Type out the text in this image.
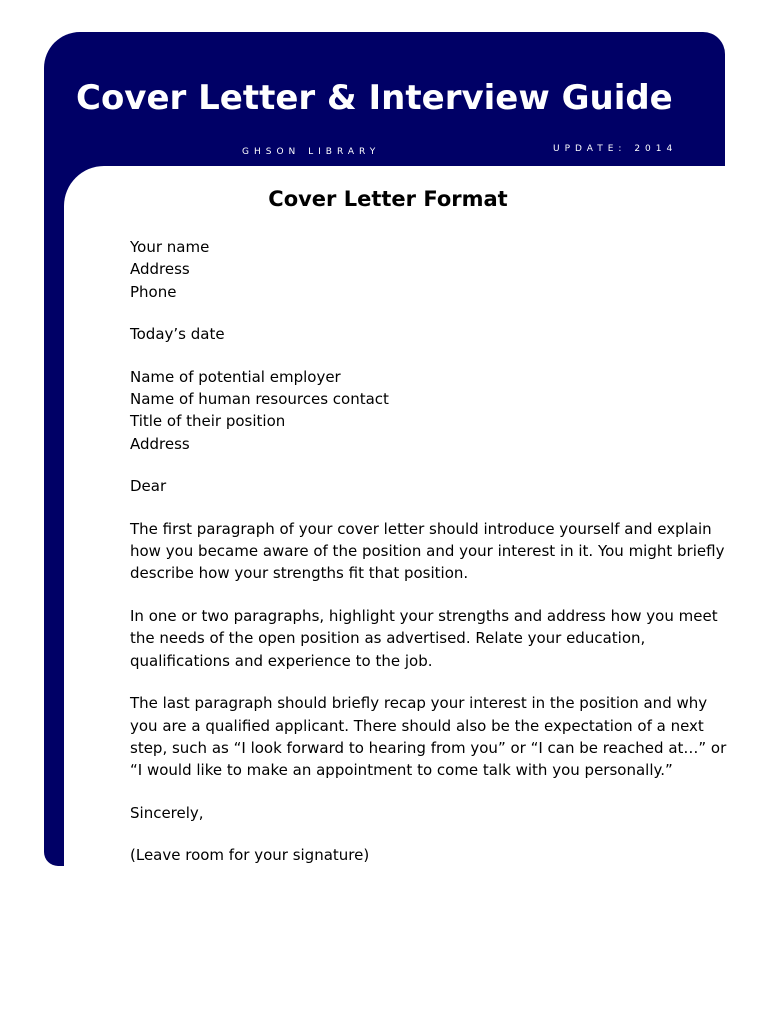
Cover Letter & Interview Guide
GHSON LIBRARY	UPDATE: 2014
Cover Letter Format

Your name
Address
Phone

Today’s date

Name of potential employer
Name of human resources contact
Title of their position
Address

Dear

The first paragraph of your cover letter should introduce yourself and explain how you became aware of the position and your interest in it. You might briefly describe how your strengths fit that position.

In one or two paragraphs, highlight your strengths and address how you meet the needs of the open position as advertised. Relate your education, qualifications and experience to the job.

The last paragraph should briefly recap your interest in the position and why you are a qualified applicant. There should also be the expectation of a next step, such as “I look forward to hearing from you” or “I can be reached at…” or “I would like to make an appointment to come talk with you personally.”

Sincerely,

(Leave room for your signature)
